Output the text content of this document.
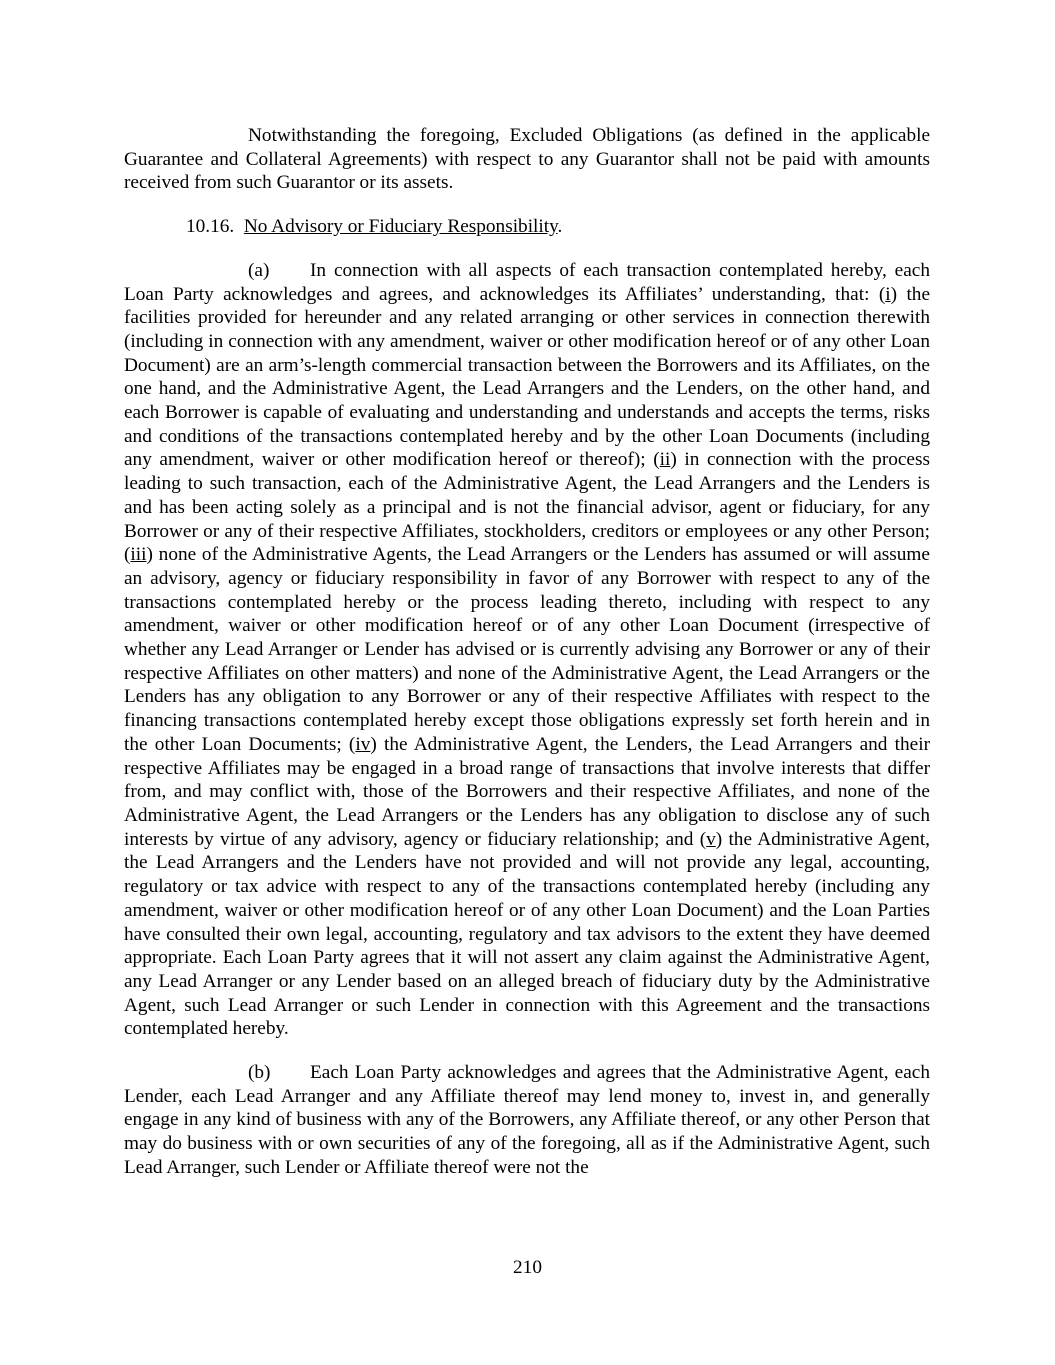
Notwithstanding the foregoing, Excluded Obligations (as defined in the applicable Guarantee and Collateral Agreements) with respect to any Guarantor shall not be paid with amounts received from such Guarantor or its assets.

10.16. No Advisory or Fiduciary Responsibility.

(a) In connection with all aspects of each transaction contemplated hereby, each Loan Party acknowledges and agrees, and acknowledges its Affiliates’ understanding, that: (i) the facilities provided for hereunder and any related arranging or other services in connection therewith (including in connection with any amendment, waiver or other modification hereof or of any other Loan Document) are an arm’s-length commercial transaction between the Borrowers and its Affiliates, on the one hand, and the Administrative Agent, the Lead Arrangers and the Lenders, on the other hand, and each Borrower is capable of evaluating and understanding and understands and accepts the terms, risks and conditions of the transactions contemplated hereby and by the other Loan Documents (including any amendment, waiver or other modification hereof or thereof); (ii) in connection with the process leading to such transaction, each of the Administrative Agent, the Lead Arrangers and the Lenders is and has been acting solely as a principal and is not the financial advisor, agent or fiduciary, for any Borrower or any of their respective Affiliates, stockholders, creditors or employees or any other Person; (iii) none of the Administrative Agents, the Lead Arrangers or the Lenders has assumed or will assume an advisory, agency or fiduciary responsibility in favor of any Borrower with respect to any of the transactions contemplated hereby or the process leading thereto, including with respect to any amendment, waiver or other modification hereof or of any other Loan Document (irrespective of whether any Lead Arranger or Lender has advised or is currently advising any Borrower or any of their respective Affiliates on other matters) and none of the Administrative Agent, the Lead Arrangers or the Lenders has any obligation to any Borrower or any of their respective Affiliates with respect to the financing transactions contemplated hereby except those obligations expressly set forth herein and in the other Loan Documents; (iv) the Administrative Agent, the Lenders, the Lead Arrangers and their respective Affiliates may be engaged in a broad range of transactions that involve interests that differ from, and may conflict with, those of the Borrowers and their respective Affiliates, and none of the Administrative Agent, the Lead Arrangers or the Lenders has any obligation to disclose any of such interests by virtue of any advisory, agency or fiduciary relationship; and (v) the Administrative Agent, the Lead Arrangers and the Lenders have not provided and will not provide any legal, accounting, regulatory or tax advice with respect to any of the transactions contemplated hereby (including any amendment, waiver or other modification hereof or of any other Loan Document) and the Loan Parties have consulted their own legal, accounting, regulatory and tax advisors to the extent they have deemed appropriate. Each Loan Party agrees that it will not assert any claim against the Administrative Agent, any Lead Arranger or any Lender based on an alleged breach of fiduciary duty by the Administrative Agent, such Lead Arranger or such Lender in connection with this Agreement and the transactions contemplated hereby.

(b) Each Loan Party acknowledges and agrees that the Administrative Agent, each Lender, each Lead Arranger and any Affiliate thereof may lend money to, invest in, and generally engage in any kind of business with any of the Borrowers, any Affiliate thereof, or any other Person that may do business with or own securities of any of the foregoing, all as if the Administrative Agent, such Lead Arranger, such Lender or Affiliate thereof were not the

210
